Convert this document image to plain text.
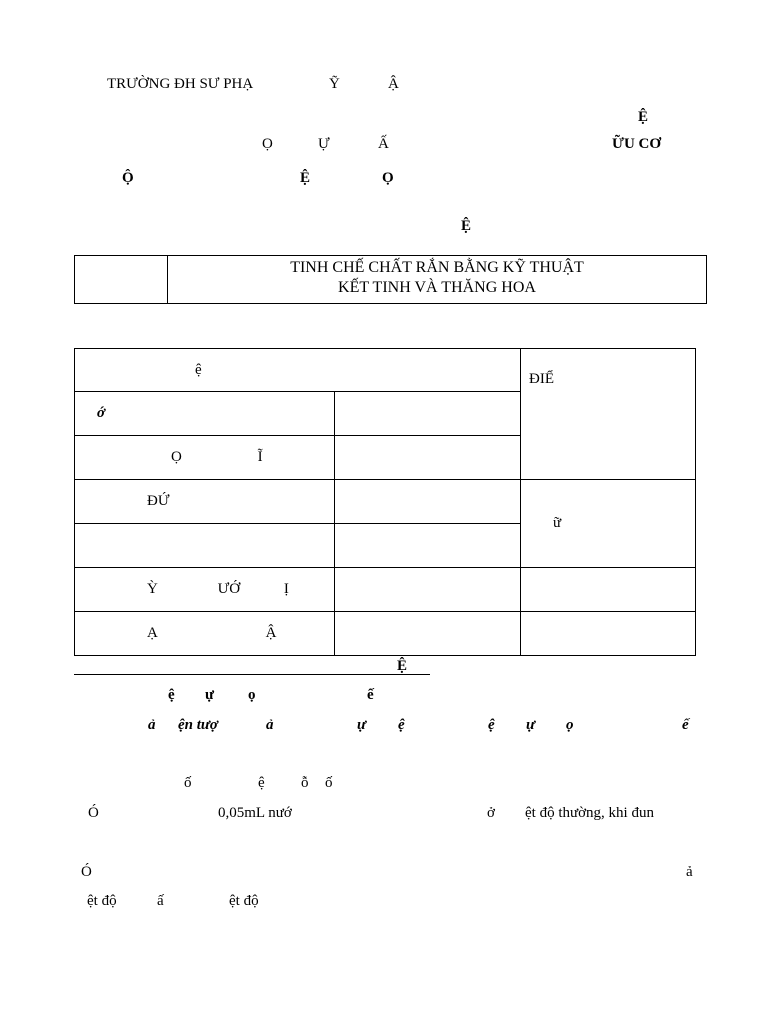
TRƯỜNG ĐH SƯ PHẠ	Ỹ	Ậ
Ệ
Ọ	Ự	Ấ	ỮU CƠ
Ộ	Ệ	Ọ
Ệ
TINH CHẾ CHẤT RẮN BẰNG KỸ THUẬT
KẾT TINH VÀ THĂNG HOA
ệ		ĐIỂ
ớ		
Ọ Ĩ		
ĐỨ		ữ

Ỳ ƯỚ Ị		
Ạ Ậ		
Ệ
ệ ự ọ	ế
ả ện tượ	ả	ự ệ	ệ ự ọ	ế
ố	ệ ỗ ố
Ó	0,05mL nướ	ở ệt độ thường, khi đun
Ó	ả
ệt độ	ấ	ệt độ
